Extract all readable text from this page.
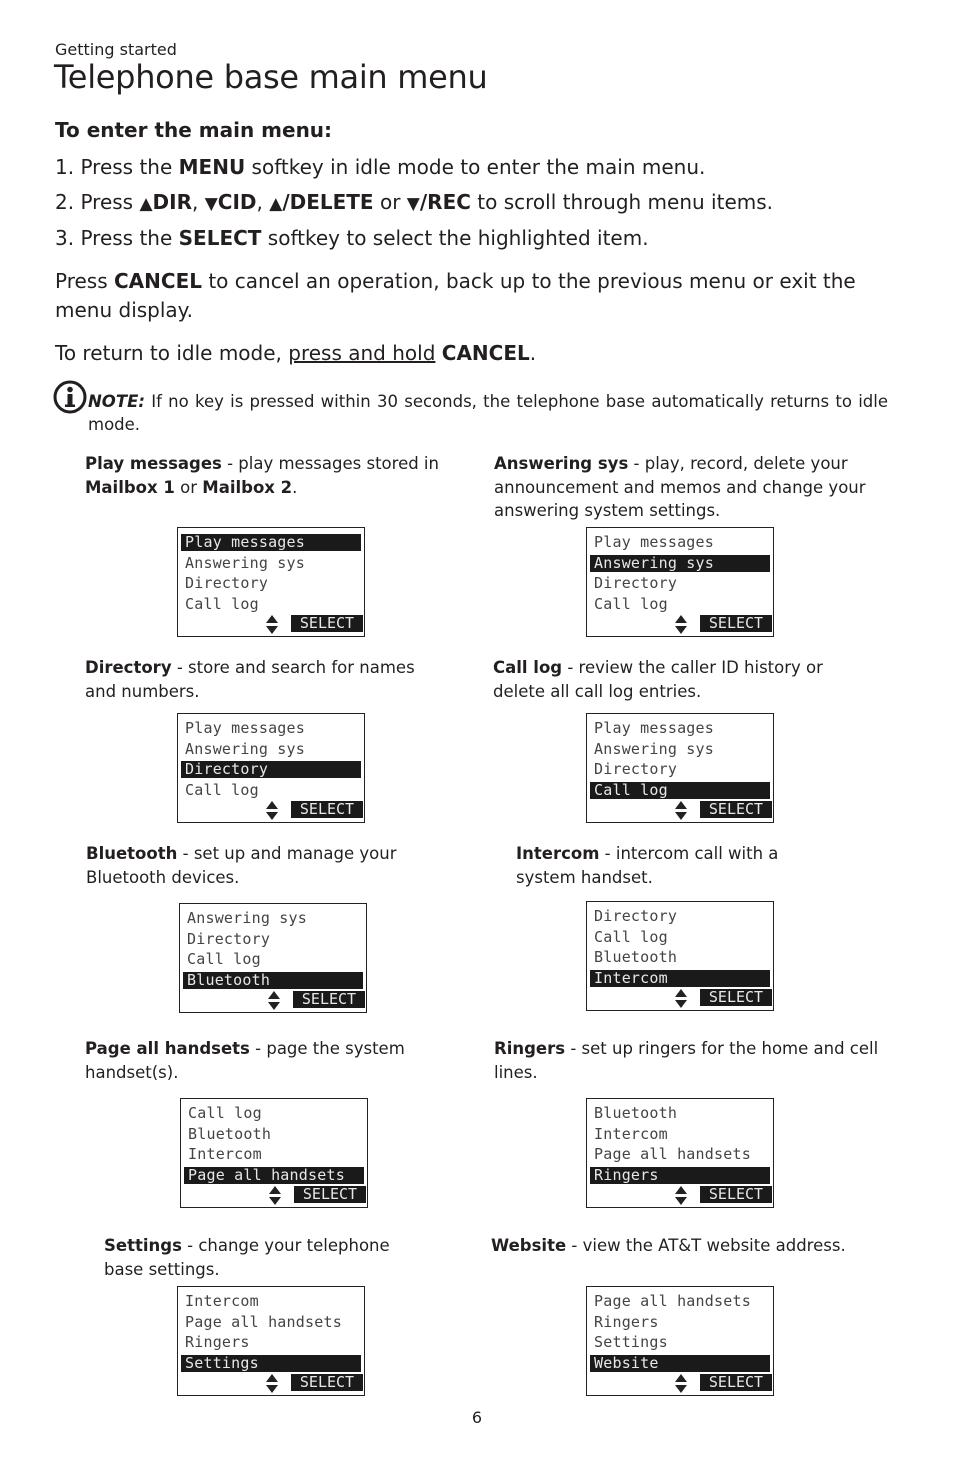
Getting started
Telephone base main menu
To enter the main menu:
1. Press the MENU softkey in idle mode to enter the main menu.
2. Press ▲DIR, ▼CID, ▲/DELETE or ▼/REC to scroll through menu items.
3. Press the SELECT softkey to select the highlighted item.
Press CANCEL to cancel an operation, back up to the previous menu or exit the menu display.
To return to idle mode, press and hold CANCEL.
NOTE: If no key is pressed within 30 seconds, the telephone base automatically returns to idle mode.
Play messages - play messages stored in Mailbox 1 or Mailbox 2.
Answering sys - play, record, delete your announcement and memos and change your answering system settings.
Directory - store and search for names and numbers.
Call log - review the caller ID history or delete all call log entries.
Bluetooth - set up and manage your Bluetooth devices.
Intercom - intercom call with a system handset.
Page all handsets - page the system handset(s).
Ringers - set up ringers for the home and cell lines.
Settings - change your telephone base settings.
Website - view the AT&T website address.
Play messages
Answering sys
Directory
Call log
SELECT
Play messages
Answering sys
Directory
Call log
SELECT
Play messages
Answering sys
Directory
Call log
SELECT
Play messages
Answering sys
Directory
Call log
SELECT
Answering sys
Directory
Call log
Bluetooth
SELECT
Directory
Call log
Bluetooth
Intercom
SELECT
Call log
Bluetooth
Intercom
Page all handsets
SELECT
Bluetooth
Intercom
Page all handsets
Ringers
SELECT
Intercom
Page all handsets
Ringers
Settings
SELECT
Page all handsets
Ringers
Settings
Website
SELECT
6
